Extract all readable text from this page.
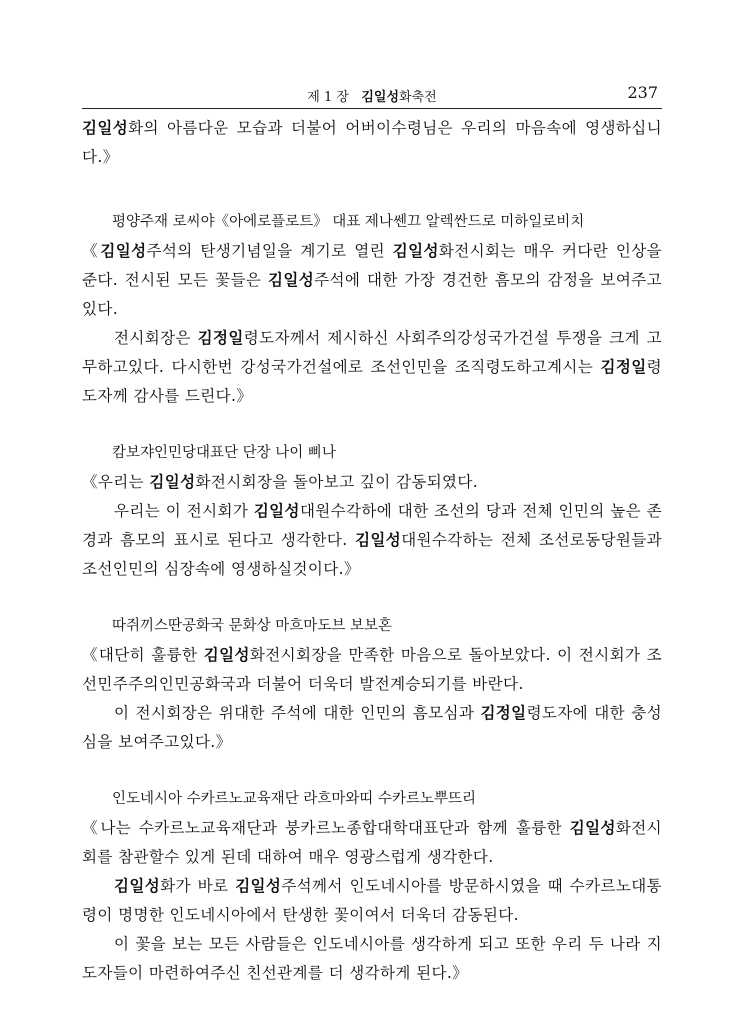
제 1 장 김일성화축전	237

김일성화의 아름다운 모습과 더불어 어버이수령님은 우리의 마음속에 영생하십니다.》

평양주재 로씨야《아에로플로트》 대표 제나쎈끄 알렉싼드로 미하일로비치

《김일성주석의 탄생기념일을 계기로 열린 김일성화전시회는 매우 커다란 인상을 준다. 전시된 모든 꽃들은 김일성주석에 대한 가장 경건한 흠모의 감정을 보여주고있다.

전시회장은 김정일령도자께서 제시하신 사회주의강성국가건설 투쟁을 크게 고무하고있다. 다시한번 강성국가건설에로 조선인민을 조직령도하고계시는 김정일령도자께 감사를 드린다.》

캄보쟈인민당대표단 단장 나이 삐나

《우리는 김일성화전시회장을 돌아보고 깊이 감동되였다.

우리는 이 전시회가 김일성대원수각하에 대한 조선의 당과 전체 인민의 높은 존경과 흠모의 표시로 된다고 생각한다. 김일성대원수각하는 전체 조선로동당원들과 조선인민의 심장속에 영생하실것이다.》

따쥐끼스딴공화국 문화상 마흐마도브 보보혼

《대단히 훌륭한 김일성화전시회장을 만족한 마음으로 돌아보았다. 이 전시회가 조선민주주의인민공화국과 더불어 더욱더 발전계승되기를 바란다.

이 전시회장은 위대한 주석에 대한 인민의 흠모심과 김정일령도자에 대한 충성심을 보여주고있다.》

인도네시아 수카르노교육재단 라흐마와띠 수카르노뿌뜨리

《나는 수카르노교육재단과 붕카르노종합대학대표단과 함께 훌륭한 김일성화전시회를 참관할수 있게 된데 대하여 매우 영광스럽게 생각한다.

김일성화가 바로 김일성주석께서 인도네시아를 방문하시였을 때 수카르노대통령이 명명한 인도네시아에서 탄생한 꽃이여서 더욱더 감동된다.

이 꽃을 보는 모든 사람들은 인도네시아를 생각하게 되고 또한 우리 두 나라 지도자들이 마련하여주신 친선관계를 더 생각하게 된다.》
